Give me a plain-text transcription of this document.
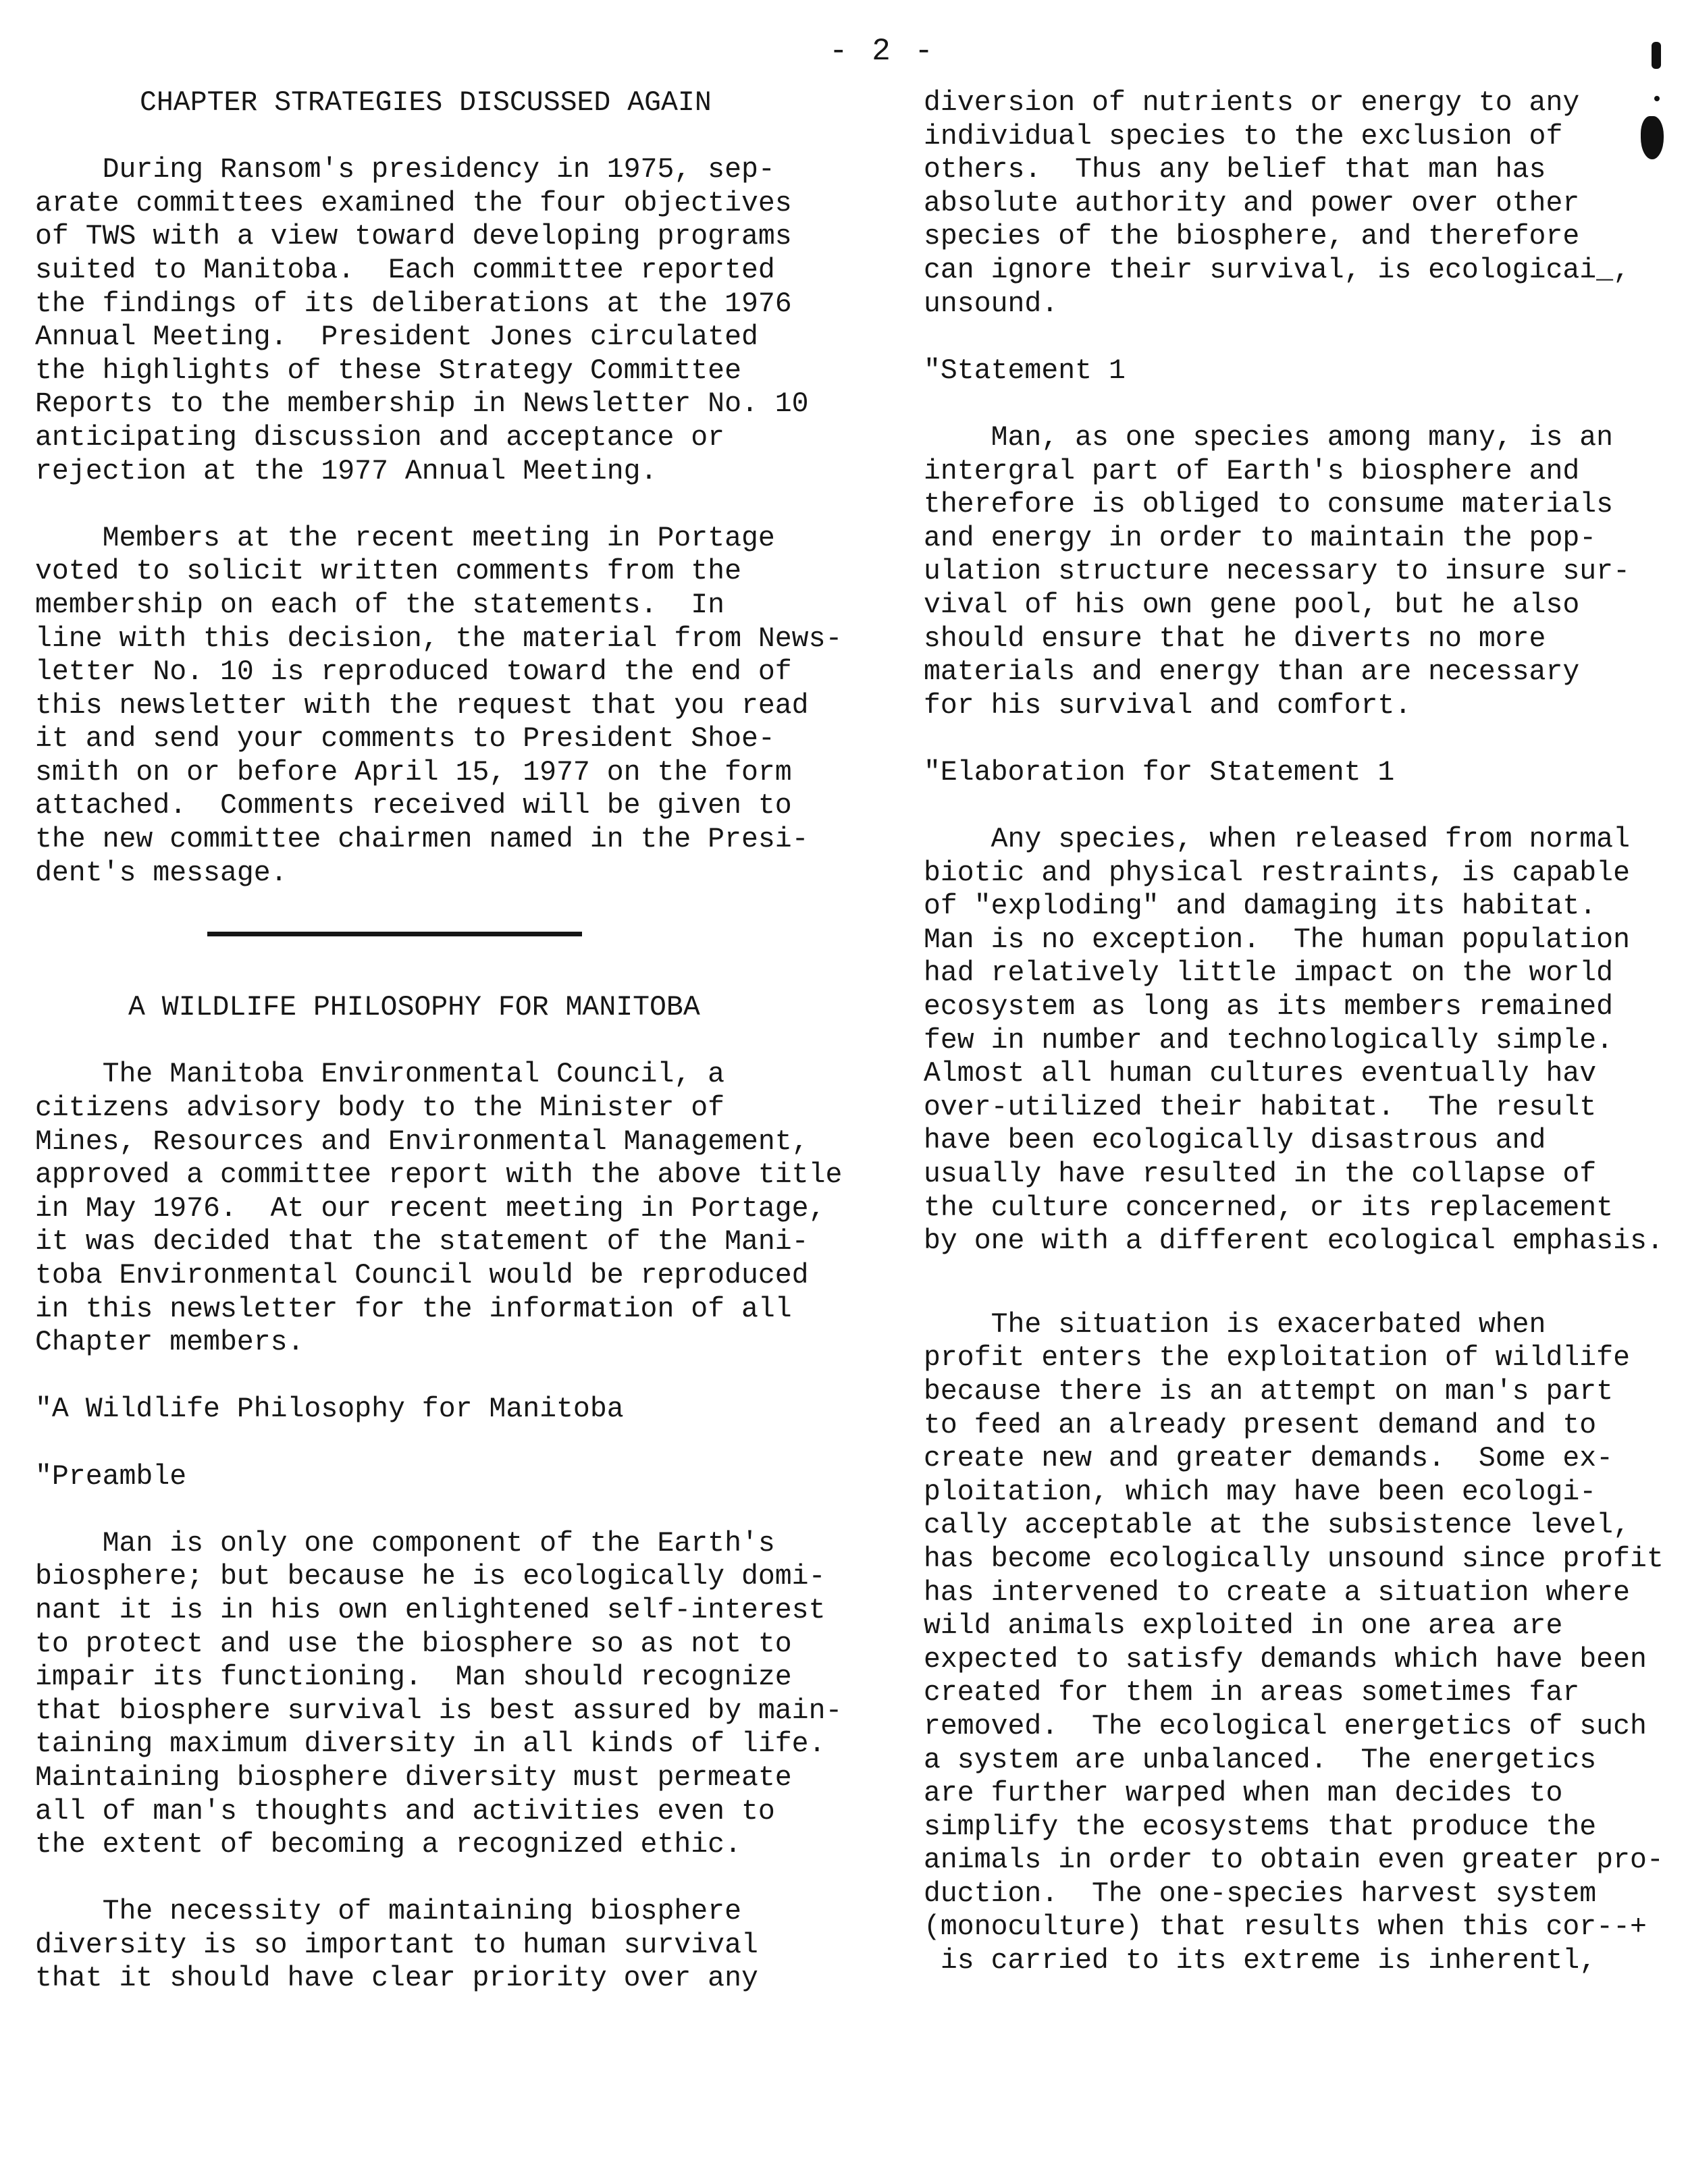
- 2 -
CHAPTER STRATEGIES DISCUSSED AGAIN
During Ransom's presidency in 1975, sep-
arate committees examined the four objectives
of TWS with a view toward developing programs
suited to Manitoba.  Each committee reported
the findings of its deliberations at the 1976
Annual Meeting.  President Jones circulated
the highlights of these Strategy Committee
Reports to the membership in Newsletter No. 10
anticipating discussion and acceptance or
rejection at the 1977 Annual Meeting.
Members at the recent meeting in Portage
voted to solicit written comments from the
membership on each of the statements.  In
line with this decision, the material from News-
letter No. 10 is reproduced toward the end of
this newsletter with the request that you read
it and send your comments to President Shoe-
smith on or before April 15, 1977 on the form
attached.  Comments received will be given to
the new committee chairmen named in the Presi-
dent's message.
A WILDLIFE PHILOSOPHY FOR MANITOBA
The Manitoba Environmental Council, a
citizens advisory body to the Minister of
Mines, Resources and Environmental Management,
approved a committee report with the above title
in May 1976.  At our recent meeting in Portage,
it was decided that the statement of the Mani-
toba Environmental Council would be reproduced
in this newsletter for the information of all
Chapter members.
"A Wildlife Philosophy for Manitoba
"Preamble
Man is only one component of the Earth's
biosphere; but because he is ecologically domi-
nant it is in his own enlightened self-interest
to protect and use the biosphere so as not to
impair its functioning.  Man should recognize
that biosphere survival is best assured by main-
taining maximum diversity in all kinds of life.
Maintaining biosphere diversity must permeate
all of man's thoughts and activities even to
the extent of becoming a recognized ethic.
The necessity of maintaining biosphere
diversity is so important to human survival
that it should have clear priority over any
diversion of nutrients or energy to any
individual species to the exclusion of
others.  Thus any belief that man has
absolute authority and power over other
species of the biosphere, and therefore
can ignore their survival, is ecologicai_,
unsound.
"Statement 1
Man, as one species among many, is an
intergral part of Earth's biosphere and
therefore is obliged to consume materials
and energy in order to maintain the pop-
ulation structure necessary to insure sur-
vival of his own gene pool, but he also
should ensure that he diverts no more
materials and energy than are necessary
for his survival and comfort.
"Elaboration for Statement 1
Any species, when released from normal
biotic and physical restraints, is capable
of "exploding" and damaging its habitat.
Man is no exception.  The human population
had relatively little impact on the world
ecosystem as long as its members remained
few in number and technologically simple.
Almost all human cultures eventually hav
over-utilized their habitat.  The result
have been ecologically disastrous and
usually have resulted in the collapse of
the culture concerned, or its replacement
by one with a different ecological emphasis.
The situation is exacerbated when
profit enters the exploitation of wildlife
because there is an attempt on man's part
to feed an already present demand and to
create new and greater demands.  Some ex-
ploitation, which may have been ecologi-
cally acceptable at the subsistence level,
has become ecologically unsound since profit
has intervened to create a situation where
wild animals exploited in one area are
expected to satisfy demands which have been
created for them in areas sometimes far
removed.  The ecological energetics of such
a system are unbalanced.  The energetics
are further warped when man decides to
simplify the ecosystems that produce the
animals in order to obtain even greater pro-
duction.  The one-species harvest system
(monoculture) that results when this cor--+
is carried to its extreme is inherentl,
